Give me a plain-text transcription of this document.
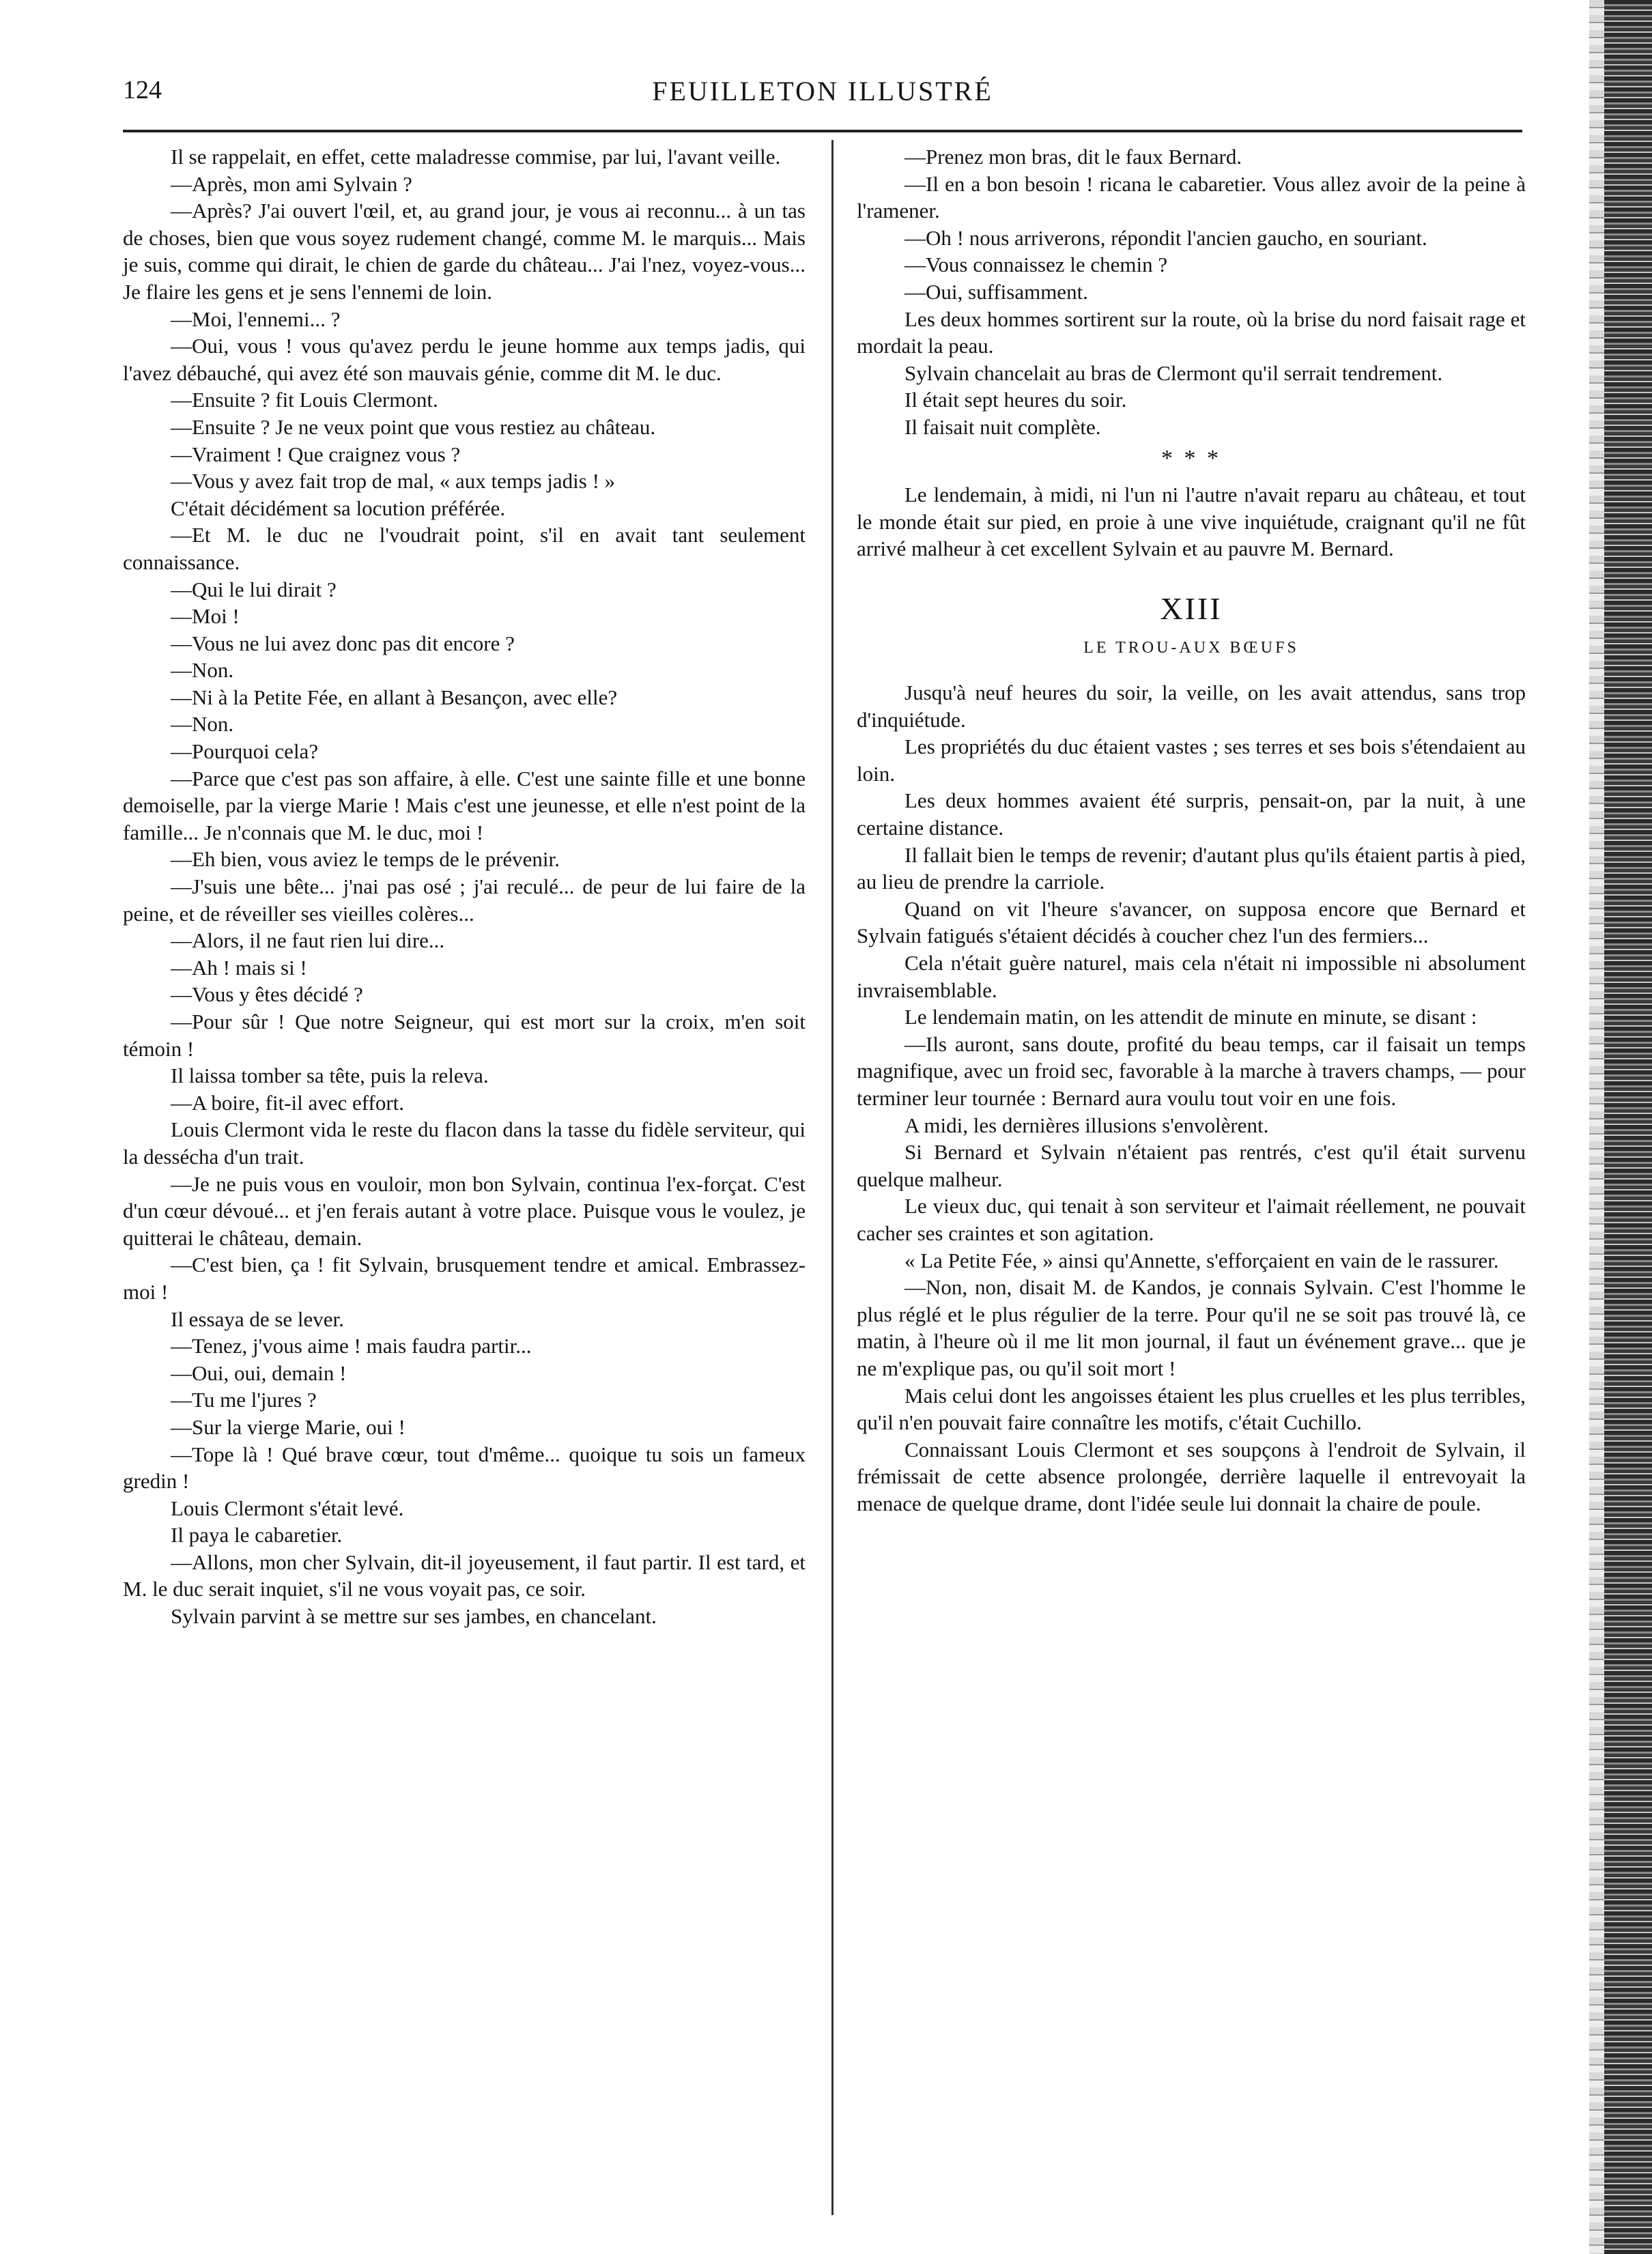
124	FEUILLETON ILLUSTRÉ

Il se rappelait, en effet, cette maladresse commise, par lui, l'avant veille.

—Après, mon ami Sylvain ?

—Après? J'ai ouvert l'œil, et, au grand jour, je vous ai reconnu... à un tas de choses, bien que vous soyez rudement changé, comme M. le marquis... Mais je suis, comme qui dirait, le chien de garde du château... J'ai l'nez, voyez-vous... Je flaire les gens et je sens l'ennemi de loin.

—Moi, l'ennemi... ?

—Oui, vous ! vous qu'avez perdu le jeune homme aux temps jadis, qui l'avez débauché, qui avez été son mauvais génie, comme dit M. le duc.

—Ensuite ? fit Louis Clermont.

—Ensuite ? Je ne veux point que vous restiez au château.

—Vraiment ! Que craignez vous ?

—Vous y avez fait trop de mal, « aux temps jadis ! »

C'était décidément sa locution préférée.

—Et M. le duc ne l'voudrait point, s'il en avait tant seulement connaissance.

—Qui le lui dirait ?

—Moi !

—Vous ne lui avez donc pas dit encore ?

—Non.

—Ni à la Petite Fée, en allant à Besançon, avec elle?

—Non.

—Pourquoi cela?

—Parce que c'est pas son affaire, à elle. C'est une sainte fille et une bonne demoiselle, par la vierge Marie ! Mais c'est une jeunesse, et elle n'est point de la famille... Je n'connais que M. le duc, moi !

—Eh bien, vous aviez le temps de le prévenir.

—J'suis une bête... j'nai pas osé ; j'ai reculé... de peur de lui faire de la peine, et de réveiller ses vieilles colères...

—Alors, il ne faut rien lui dire...

—Ah ! mais si !

—Vous y êtes décidé ?

—Pour sûr ! Que notre Seigneur, qui est mort sur la croix, m'en soit témoin !

Il laissa tomber sa tête, puis la releva.

—A boire, fit-il avec effort.

Louis Clermont vida le reste du flacon dans la tasse du fidèle serviteur, qui la dessécha d'un trait.

—Je ne puis vous en vouloir, mon bon Sylvain, continua l'ex-forçat. C'est d'un cœur dévoué... et j'en ferais autant à votre place. Puisque vous le voulez, je quitterai le château, demain.

—C'est bien, ça ! fit Sylvain, brusquement tendre et amical. Embrassez-moi !

Il essaya de se lever.

—Tenez, j'vous aime ! mais faudra partir...

—Oui, oui, demain !

—Tu me l'jures ?

—Sur la vierge Marie, oui !

—Tope là ! Qué brave cœur, tout d'même... quoique tu sois un fameux gredin !

Louis Clermont s'était levé.

Il paya le cabaretier.

—Allons, mon cher Sylvain, dit-il joyeusement, il faut partir. Il est tard, et M. le duc serait inquiet, s'il ne vous voyait pas, ce soir.

Sylvain parvint à se mettre sur ses jambes, en chancelant.

—Prenez mon bras, dit le faux Bernard.

—Il en a bon besoin ! ricana le cabaretier. Vous allez avoir de la peine à l'ramener.

—Oh ! nous arriverons, répondit l'ancien gaucho, en souriant.

—Vous connaissez le chemin ?

—Oui, suffisamment.

Les deux hommes sortirent sur la route, où la brise du nord faisait rage et mordait la peau.

Sylvain chancelait au bras de Clermont qu'il serrait tendrement.

Il était sept heures du soir.

Il faisait nuit complète.

* * *

Le lendemain, à midi, ni l'un ni l'autre n'avait reparu au château, et tout le monde était sur pied, en proie à une vive inquiétude, craignant qu'il ne fût arrivé malheur à cet excellent Sylvain et au pauvre M. Bernard.

XIII
LE TROU-AUX BŒUFS

Jusqu'à neuf heures du soir, la veille, on les avait attendus, sans trop d'inquiétude.

Les propriétés du duc étaient vastes ; ses terres et ses bois s'étendaient au loin.

Les deux hommes avaient été surpris, pensait-on, par la nuit, à une certaine distance.

Il fallait bien le temps de revenir; d'autant plus qu'ils étaient partis à pied, au lieu de prendre la carriole.

Quand on vit l'heure s'avancer, on supposa encore que Bernard et Sylvain fatigués s'étaient décidés à coucher chez l'un des fermiers...

Cela n'était guère naturel, mais cela n'était ni impossible ni absolument invraisemblable.

Le lendemain matin, on les attendit de minute en minute, se disant :

—Ils auront, sans doute, profité du beau temps, car il faisait un temps magnifique, avec un froid sec, favorable à la marche à travers champs, — pour terminer leur tournée : Bernard aura voulu tout voir en une fois.

A midi, les dernières illusions s'envolèrent.

Si Bernard et Sylvain n'étaient pas rentrés, c'est qu'il était survenu quelque malheur.

Le vieux duc, qui tenait à son serviteur et l'aimait réellement, ne pouvait cacher ses craintes et son agitation.

« La Petite Fée, » ainsi qu'Annette, s'efforçaient en vain de le rassurer.

—Non, non, disait M. de Kandos, je connais Sylvain. C'est l'homme le plus réglé et le plus régulier de la terre. Pour qu'il ne se soit pas trouvé là, ce matin, à l'heure où il me lit mon journal, il faut un événement grave... que je ne m'explique pas, ou qu'il soit mort !

Mais celui dont les angoisses étaient les plus cruelles et les plus terribles, qu'il n'en pouvait faire connaître les motifs, c'était Cuchillo.

Connaissant Louis Clermont et ses soupçons à l'endroit de Sylvain, il frémissait de cette absence prolongée, derrière laquelle il entrevoyait la menace de quelque drame, dont l'idée seule lui donnait la chaire de poule.
